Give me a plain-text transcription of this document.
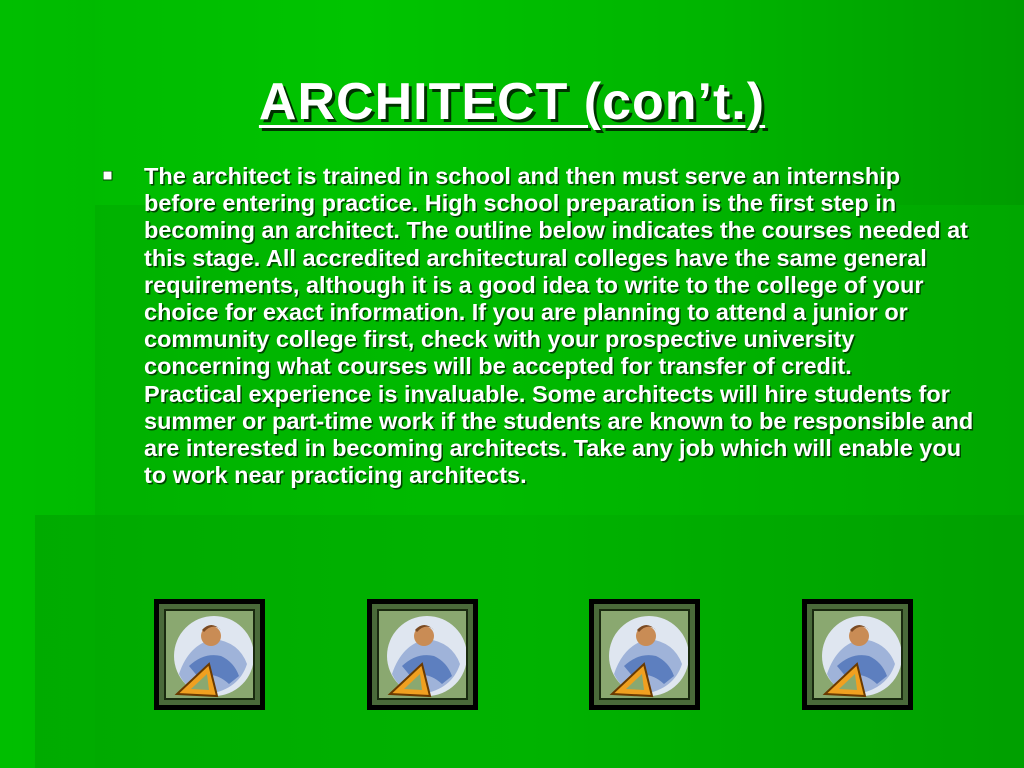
ARCHITECT (con’t.)

The architect is trained in school and then must serve an internship before entering practice. High school preparation is the first step in becoming an architect. The outline below indicates the courses needed at this stage. All accredited architectural colleges have the same general requirements, although it is a good idea to write to the college of your choice for exact information. If you are planning to attend a junior or community college first, check with your prospective university concerning what courses will be accepted for transfer of credit.

Practical experience is invaluable. Some architects will hire students for summer or part-time work if the students are known to be responsible and are interested in becoming architects. Take any job which will enable you to work near practicing architects.
